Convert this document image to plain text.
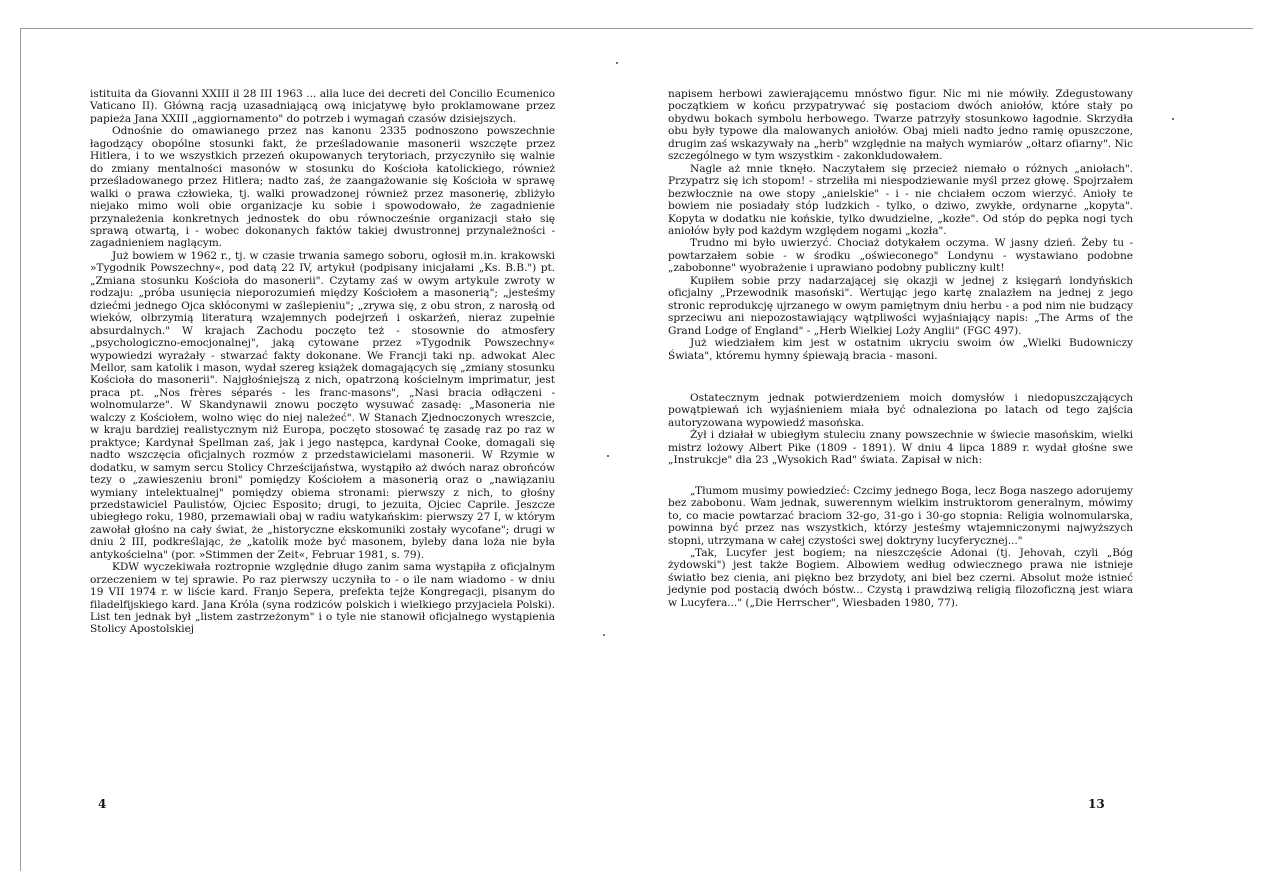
istituita da Giovanni XXIII il 28 III 1963 ... alla luce dei decreti del Concilio Ecumenico Vaticano II). Główną racją uzasadniającą ową inicjatywę było proklamowane przez papieża Jana XXIII „aggiornamento" do potrzeb i wymagań czasów dzisiejszych.

Odnośnie do omawianego przez nas kanonu 2335 podnoszono powszechnie łagodzący obopólne stosunki fakt, że prześladowanie masonerii wszczęte przez Hitlera, i to we wszystkich przezeń okupowanych terytoriach, przyczyniło się walnie do zmiany mentalności masonów w stosunku do Kościoła katolickiego, również prześladowanego przez Hitlera; nadto zaś, że zaangażowanie się Kościoła w sprawę walki o prawa człowieka, tj. walki prowadzonej również przez masonerię, zbliżyło niejako mimo woli obie organizacje ku sobie i spowodowało, że zagadnienie przynależenia konkretnych jednostek do obu równocześnie organizacji stało się sprawą otwartą, i - wobec dokonanych faktów takiej dwustronnej przynależności - zagadnieniem naglącym.

Już bowiem w 1962 r., tj. w czasie trwania samego soboru, ogłosił m.in. krakowski »Tygodnik Powszechny«, pod datą 22 IV, artykuł (podpisany inicjałami „Ks. B.B.") pt. „Zmiana stosunku Kościoła do masonerii". Czytamy zaś w owym artykule zwroty w rodzaju: „próba usunięcia nieporozumień między Kościołem a masonerią"; „jesteśmy dziećmi jednego Ojca skłóconymi w zaślepieniu"; „zrywa się, z obu stron, z narosłą od wieków, olbrzymią literaturą wzajemnych podejrzeń i oskarżeń, nieraz zupełnie absurdalnych." W krajach Zachodu poczęto też - stosownie do atmosfery „psychologiczno-emocjonalnej", jaką cytowane przez »Tygodnik Powszechny« wypowiedzi wyrażały - stwarzać fakty dokonane. We Francji taki np. adwokat Alec Mellor, sam katolik i mason, wydał szereg książek domagających się „zmiany stosunku Kościoła do masonerii". Najgłośniejszą z nich, opatrzoną kościelnym imprimatur, jest praca pt. „Nos frères séparés - les franc-masons", „Nasi bracia odłączeni - wolnomularze". W Skandynawii znowu poczęto wysuwać zasadę: „Masoneria nie walczy z Kościołem, wolno więc do niej należeć". W Stanach Zjednoczonych wreszcie, w kraju bardziej realistycznym niż Europa, poczęto stosować tę zasadę raz po raz w praktyce; Kardynał Spellman zaś, jak i jego następca, kardynał Cooke, domagali się nadto wszczęcia oficjalnych rozmów z przedstawicielami masonerii. W Rzymie w dodatku, w samym sercu Stolicy Chrześcijaństwa, wystąpiło aż dwóch naraz obrońców tezy o „zawieszeniu broni" pomiędzy Kościołem a masonerią oraz o „nawiązaniu wymiany intelektualnej" pomiędzy obiema stronami: pierwszy z nich, to głośny przedstawiciel Paulistów, Ojciec Esposito; drugi, to jezuita, Ojciec Caprile. Jeszcze ubiegłego roku, 1980, przemawiali obaj w radiu watykańskim: pierwszy 27 I, w którym zawołał głośno na cały świat, że „historyczne ekskomuniki zostały wycofane"; drugi w dniu 2 III, podkreślając, że „katolik może być masonem, byleby dana loża nie była antykościelna" (por. »Stimmen der Zeit«, Februar 1981, s. 79).

KDW wyczekiwała roztropnie względnie długo zanim sama wystąpiła z oficjalnym orzeczeniem w tej sprawie. Po raz pierwszy uczyniła to - o ile nam wiadomo - w dniu 19 VII 1974 r. w liście kard. Franjo Sepera, prefekta tejże Kongregacji, pisanym do filadelfijskiego kard. Jana Króla (syna rodziców polskich i wielkiego przyjaciela Polski). List ten jednak był „listem zastrzeżonym" i o tyle nie stanowił oficjalnego wystąpienia Stolicy Apostolskiej

4

napisem herbowi zawierającemu mnóstwo figur. Nic mi nie mówiły. Zdegustowany początkiem w końcu przypatrywać się postaciom dwóch aniołów, które stały po obydwu bokach symbolu herbowego. Twarze patrzyły stosunkowo łagodnie. Skrzydła obu były typowe dla malowanych aniołów. Obaj mieli nadto jedno ramię opuszczone, drugim zaś wskazywały na „herb" względnie na małych wymiarów „ołtarz ofiarny". Nic szczególnego w tym wszystkim - zakonkludowałem.

Nagle aż mnie tknęło. Naczytałem się przecież niemało o różnych „aniołach". Przypatrz się ich stopom! - strzeliła mi niespodziewanie myśl przez głowę. Spojrzałem bezwłocznie na owe stopy „anielskie" - i - nie chciałem oczom wierzyć. Anioły te bowiem nie posiadały stóp ludzkich - tylko, o dziwo, zwykłe, ordynarne „kopyta". Kopyta w dodatku nie końskie, tylko dwudzielne, „kozłe". Od stóp do pępka nogi tych aniołów były pod każdym względem nogami „kozła".

Trudno mi było uwierzyć. Chociaż dotykałem oczyma. W jasny dzień. Żeby tu - powtarzałem sobie - w środku „oświeconego" Londynu - wystawiano podobne „zabobonne" wyobrażenie i uprawiano podobny publiczny kult!

Kupiłem sobie przy nadarzającej się okazji w jednej z księgarń londyńskich oficjalny „Przewodnik masoński". Wertując jego kartę znalazłem na jednej z jego stronic reprodukcję ujrzanego w owym pamiętnym dniu herbu - a pod nim nie budzący sprzeciwu ani niepozostawiający wątpliwości wyjaśniający napis: „The Arms of the Grand Lodge of England" - „Herb Wielkiej Loży Anglii" (FGC 497).

Już wiedziałem kim jest w ostatnim ukryciu swoim ów „Wielki Budowniczy Świata", któremu hymny śpiewają bracia - masoni.

Ostatecznym jednak potwierdzeniem moich domysłów i niedopuszczających powątpiewań ich wyjaśnieniem miała być odnaleziona po latach od tego zajścia autoryzowana wypowiedź masońska.

Żył i działał w ubiegłym stuleciu znany powszechnie w świecie masońskim, wielki mistrz lożowy Albert Pike (1809 - 1891). W dniu 4 lipca 1889 r. wydał głośne swe „Instrukcje" dla 23 „Wysokich Rad" świata. Zapisał w nich:

„Tłumom musimy powiedzieć: Czcimy jednego Boga, lecz Boga naszego adorujemy bez zabobonu. Wam jednak, suwerennym wielkim instruktorom generalnym, mówimy to, co macie powtarzać braciom 32-go, 31-go i 30-go stopnia: Religia wolnomularska, powinna być przez nas wszystkich, którzy jesteśmy wtajemniczonymi najwyższych stopni, utrzymana w całej czystości swej doktryny lucyferycznej..."

„Tak, Lucyfer jest bogiem; na nieszczęście Adonai (tj. Jehovah, czyli „Bóg żydowski") jest także Bogiem. Albowiem według odwiecznego prawa nie istnieje światło bez cienia, ani piękno bez brzydoty, ani biel bez czerni. Absolut może istnieć jedynie pod postacią dwóch bóstw... Czystą i prawdziwą religią filozoficzną jest wiara w Lucyfera..." („Die Herrscher", Wiesbaden 1980, 77).

13
